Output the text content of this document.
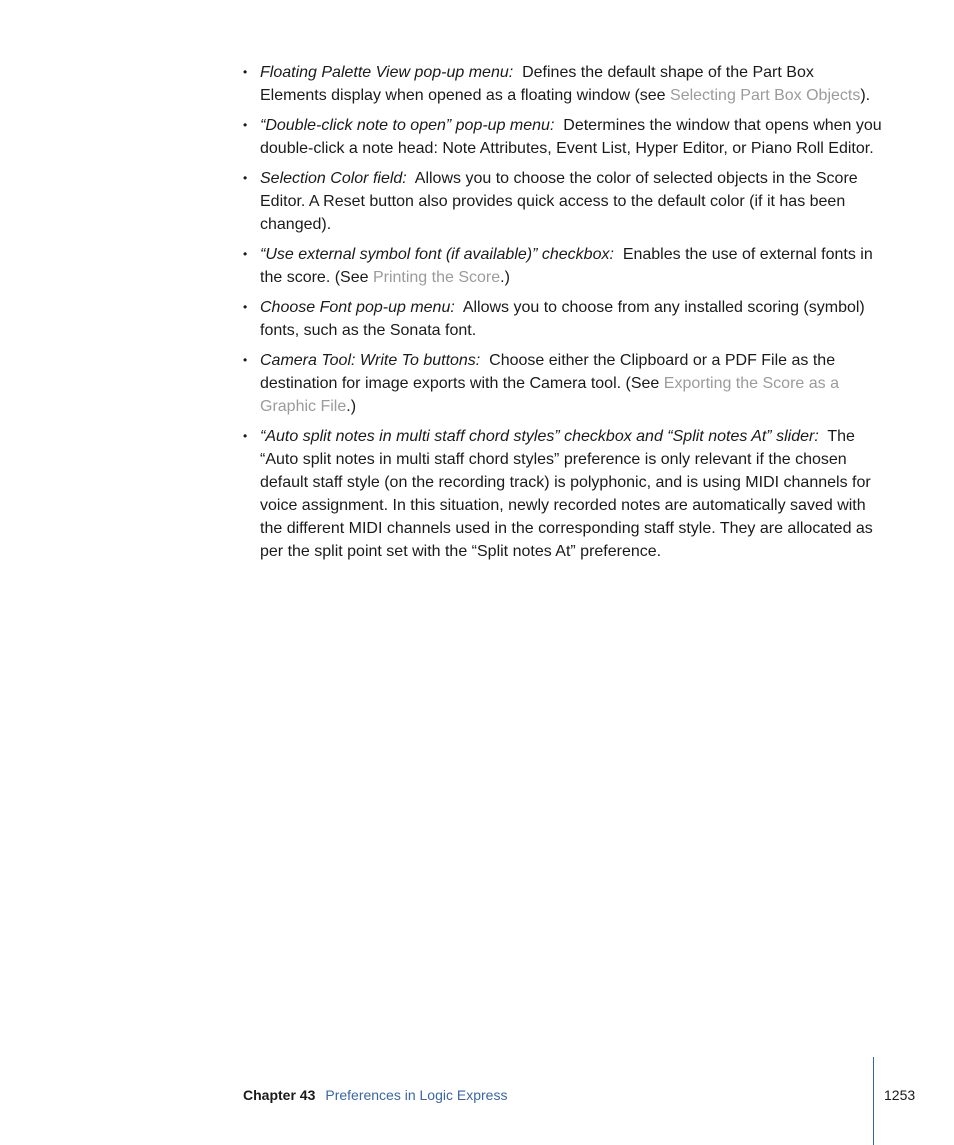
• Floating Palette View pop-up menu: Defines the default shape of the Part Box Elements display when opened as a floating window (see Selecting Part Box Objects).
• “Double-click note to open” pop-up menu: Determines the window that opens when you double-click a note head: Note Attributes, Event List, Hyper Editor, or Piano Roll Editor.
• Selection Color field: Allows you to choose the color of selected objects in the Score Editor. A Reset button also provides quick access to the default color (if it has been changed).
• “Use external symbol font (if available)” checkbox: Enables the use of external fonts in the score. (See Printing the Score.)
• Choose Font pop-up menu: Allows you to choose from any installed scoring (symbol) fonts, such as the Sonata font.
• Camera Tool: Write To buttons: Choose either the Clipboard or a PDF File as the destination for image exports with the Camera tool. (See Exporting the Score as a Graphic File.)
• “Auto split notes in multi staff chord styles” checkbox and “Split notes At” slider: The “Auto split notes in multi staff chord styles” preference is only relevant if the chosen default staff style (on the recording track) is polyphonic, and is using MIDI channels for voice assignment. In this situation, newly recorded notes are automatically saved with the different MIDI channels used in the corresponding staff style. They are allocated as per the split point set with the “Split notes At” preference.
Chapter 43 Preferences in Logic Express	1253
